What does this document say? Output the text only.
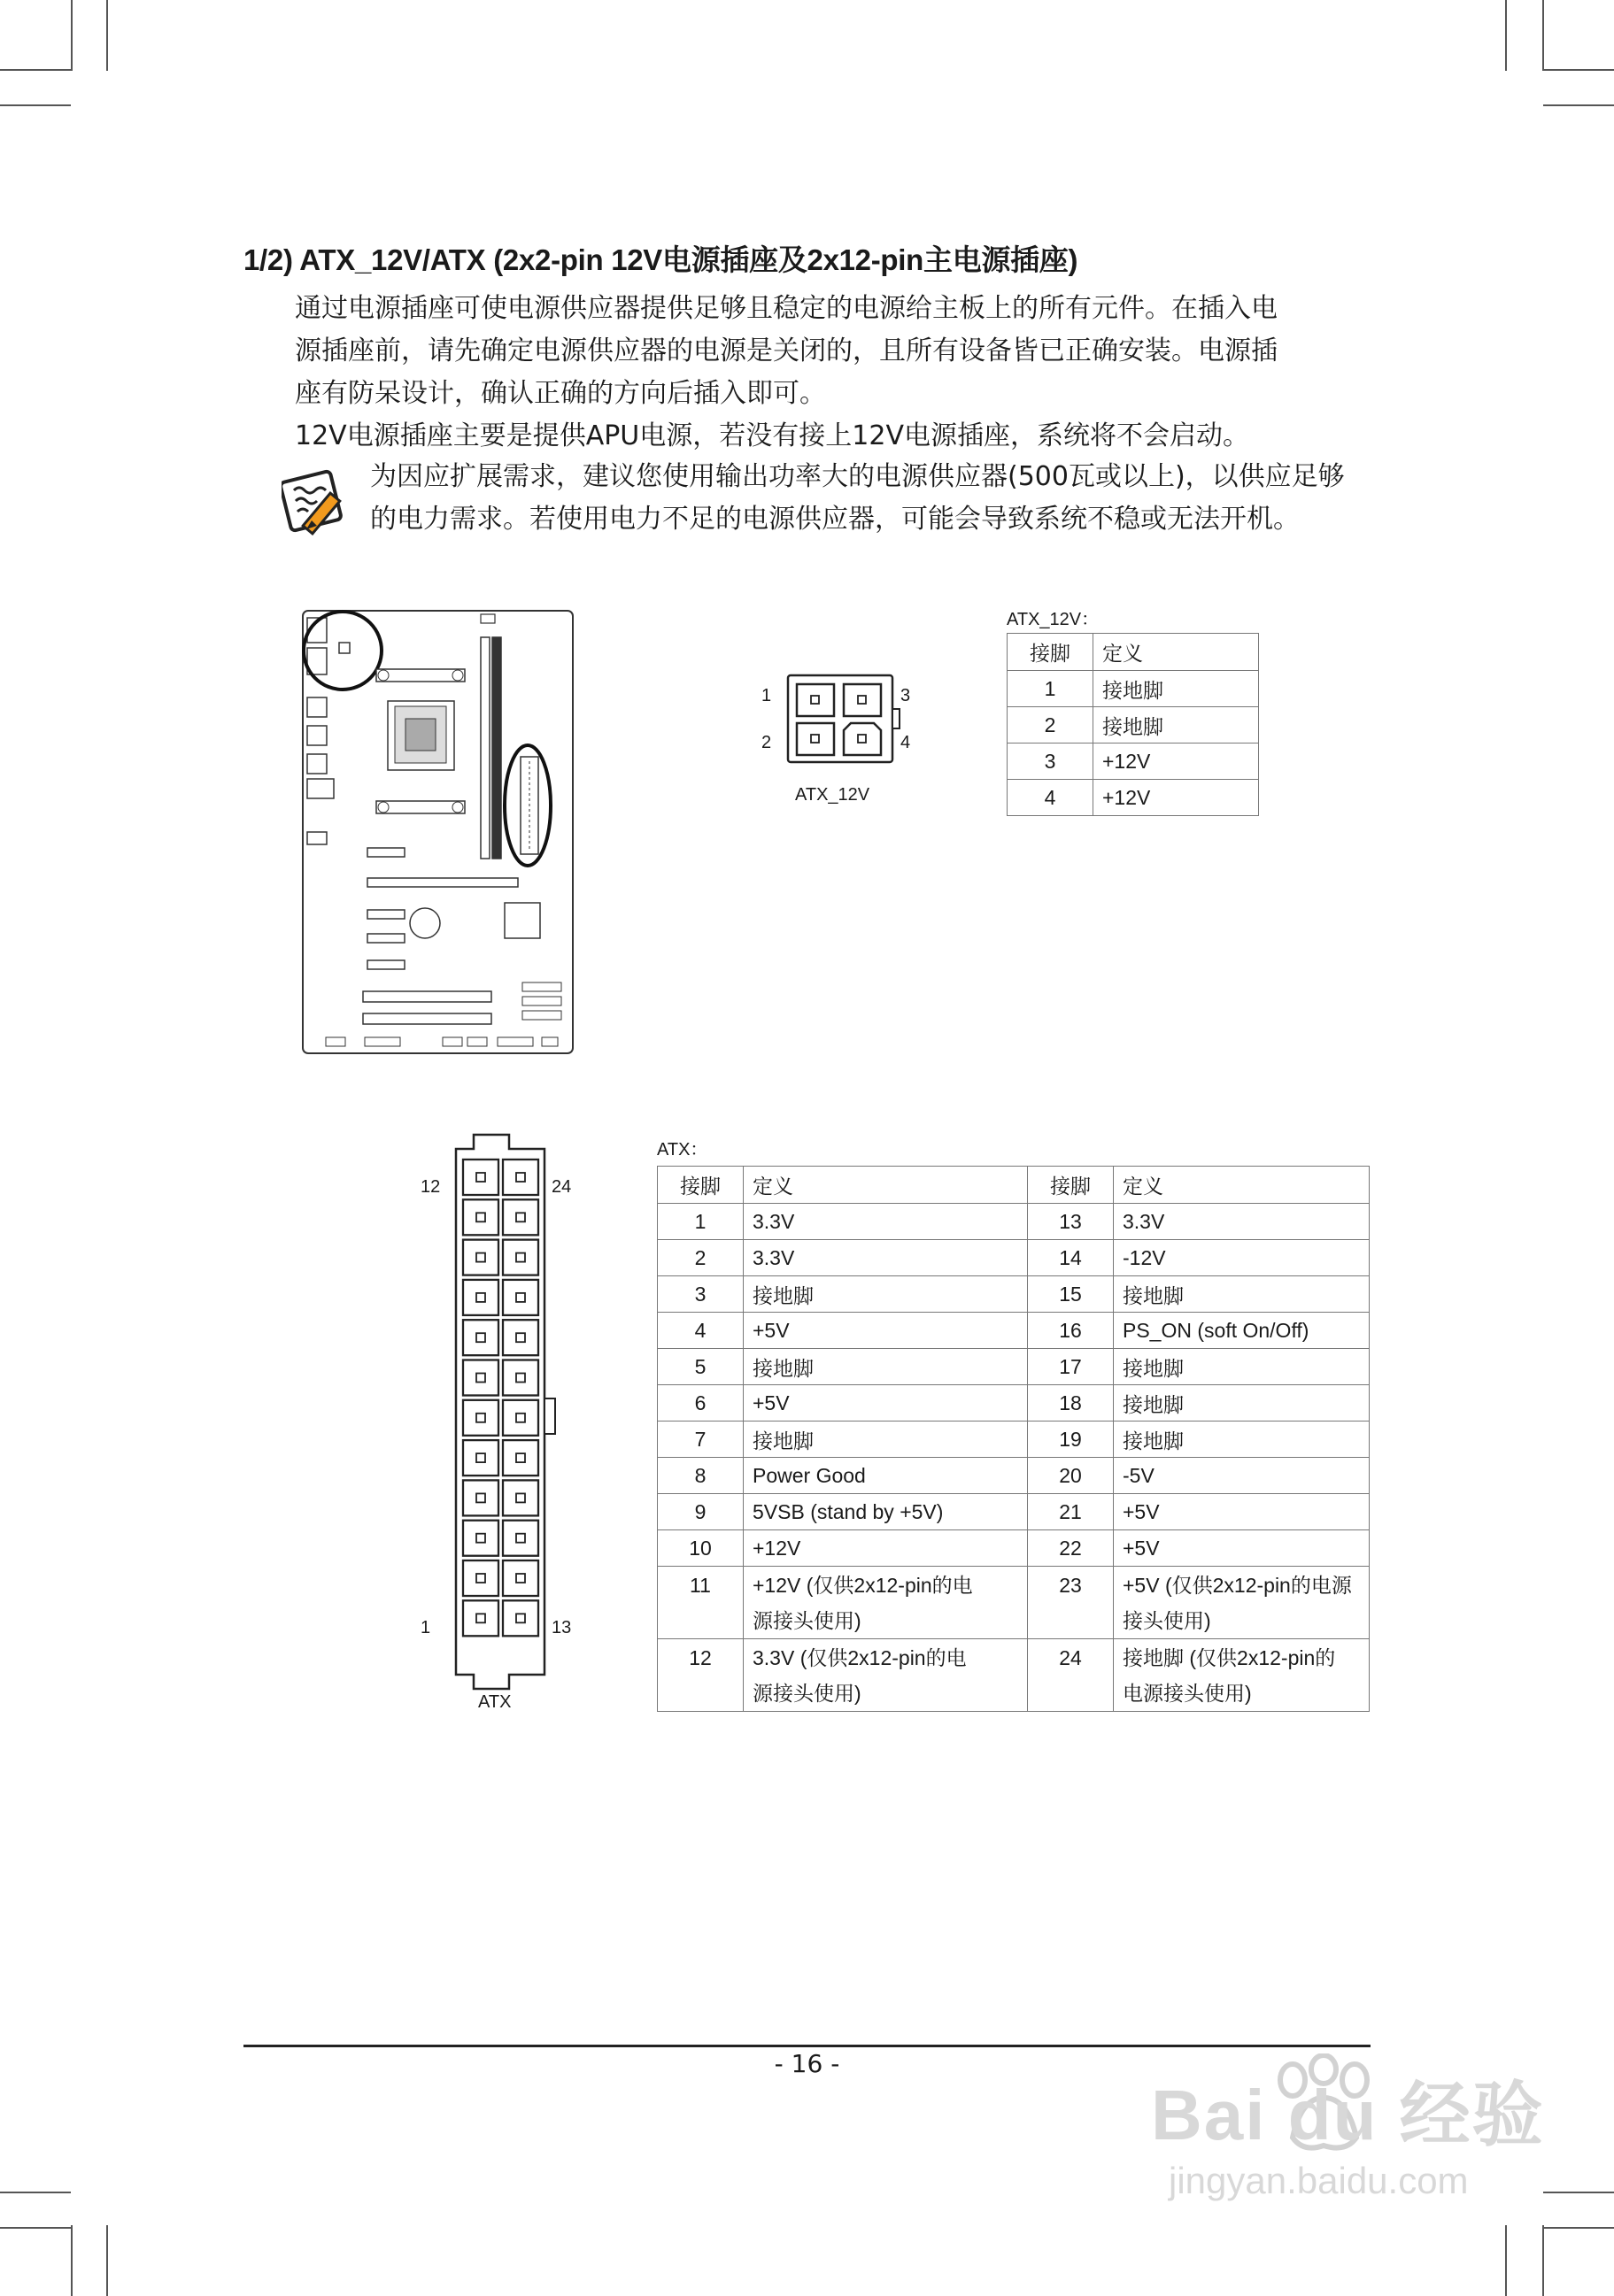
1/2) ATX_12V/ATX (2x2-pin 12V电源插座及2x12-pin主电源插座)

通过电源插座可使电源供应器提供足够且稳定的电源给主板上的所有元件。在插入电
源插座前，请先确定电源供应器的电源是关闭的，且所有设备皆已正确安装。电源插
座有防呆设计，确认正确的方向后插入即可。
12V电源插座主要是提供APU电源，若没有接上12V电源插座，系统将不会启动。

为因应扩展需求，建议您使用输出功率大的电源供应器(500瓦或以上)，以供应足够
的电力需求。若使用电力不足的电源供应器，可能会导致系统不稳或无法开机。

1
2
3
4
ATX_12V
ATX_12V：
接脚	定义
1	接地脚
2	接地脚
3	+12V
4	+12V
12	24
1	13
ATX
ATX：
接脚	定义	接脚	定义
1	3.3V	13	3.3V
2	3.3V	14	-12V
3	接地脚	15	接地脚
4	+5V	16	PS_ON (soft On/Off)
5	接地脚	17	接地脚
6	+5V	18	接地脚
7	接地脚	19	接地脚
8	Power Good	20	-5V
9	5VSB (stand by +5V)	21	+5V
10	+12V	22	+5V
11	+12V (仅供2x12-pin的电
源接头使用)	23	+5V (仅供2x12-pin的电源
接头使用)
12	3.3V (仅供2x12-pin的电
源接头使用)	24	接地脚 (仅供2x12-pin的
电源接头使用)
- 16 -
Bai du 经验
jingyan.baidu.com
